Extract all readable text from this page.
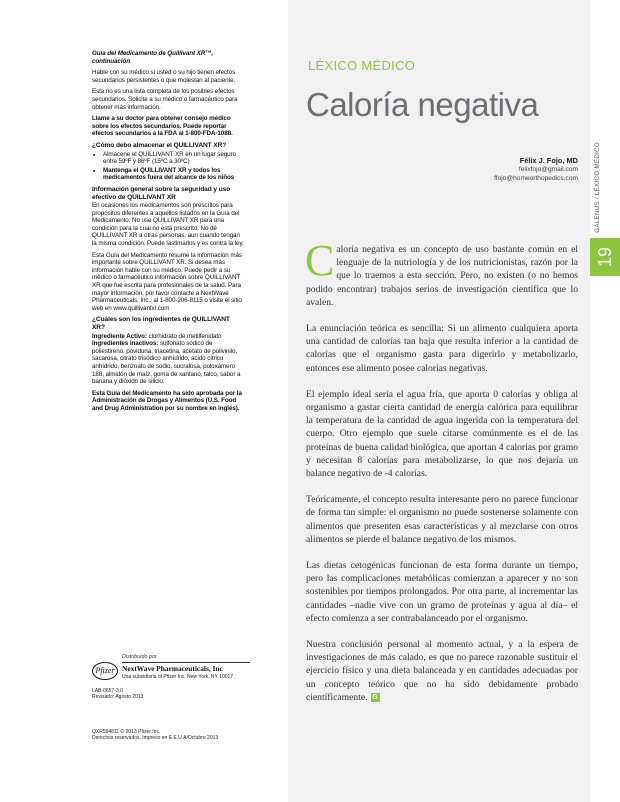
Guía del Medicamento de Quillivant XR™, continuación

Hable con su médico si usted o su hijo tienen efectos secundarios persistentes o que molestan al paciente.

Esta no es una lista completa de los posibles efectos secundarios. Solicite a su médico o farmacéutico para obtener más información.

Llame a su doctor para obtener consejo médico sobre los efectos secundarios. Puede reportar efectos secundarios a la FDA al 1-800-FDA-1088.

¿Cómo debo almacenar el QUILLIVANT XR?
• Almacene el QUILLIVANT XR en un lugar seguro entre 59ºF y 86ºF (15ºC a 30ºC)
• Mantenga el QUILLIVANT XR y todos los medicamentos fuera del alcance de los niños
Información general sobre la seguridad y uso efectivo de QUILLIVANT XR

En ocasiones los medicamentos son prescritos para propósitos diferentes a aquellos listados en la Guía del Medicamento. No use QUILLIVANT XR para una condición para la cual no está prescrito. No dé QUILLIVANT XR a otras personas, aun cuando tengan la misma condición. Puede lastimarlos y es contra la ley.

Esta Guía del Medicamento resume la información más importante sobre QUILLIVANT XR. Si desea más información hable con su médico. Puede pedir a su médico o farmacéutico información sobre QUILLIVANT XR que fue escrita para profesionales de la salud. Para mayor información, por favor contacte a NextWave Pharmaceuticals, Inc., al 1-800-206-8115 o visite el sitio web en www.quillivantxr.com

¿Cuáles son los ingredientes de QUILLIVANT XR?

Ingrediente Activo: clorhidrato de metilfenidato

Ingredientes inactivos: sulfonato sódico de poliestireno, povidona, triacetina, acetato de polivinilo, sacarosa, citrato trisódico anhídrido, acido cítrico anhídrido, benzoato de sodio, sucralosa, poloxámero 188, almidón de maíz, goma de xantano, talco, sabor a banana y dióxido de silicio.

Esta Guía del Medicamento ha sido aprobada por la Administración de Drogas y Alimentos (U.S. Food and Drug Administration por su nombre en inglés).

Pfizer
Distribuido por
NextWave Pharmaceuticals, Inc
Una subsidiaria of Pfizer Inc, New York, NY 10017
LAB-0657-3.0
Revisado: Agosto 2013
QXR594811 © 2013 Pfizer Inc.
Derechos reservados. Impreso en E.E.U.A/Octubre 2013
LÉXICO MÉDICO
Caloría negativa
Félix J. Fojo, MD
felixfojo@gmail.com
ffojo@homeorthopedics.com

Caloría negativa es un concepto de uso bastante común en el lenguaje de la nutriología y de los nutricionistas, razón por la que lo traemos a esta sección. Pero, no existen (o no hemos podido encontrar) trabajos serios de investigación científica que lo avalen.

La enunciación teórica es sencilla: Si un alimento cualquiera aporta una cantidad de calorías tan baja que resulta inferior a la cantidad de calorías que el organismo gasta para digerirlo y metabolizarlo, entonces ese alimento posee calorías negativas.

El ejemplo ideal sería el agua fría, que aporta 0 calorías y obliga al organismo a gastar cierta cantidad de energía calórica para equilibrar la temperatura de la cantidad de agua ingerida con la temperatura del cuerpo. Otro ejemplo que suele citarse comúnmente es el de las proteínas de buena calidad biológica, que aportan 4 calorías por gramo y necesitan 8 calorías para metabolizarse, lo que nos dejaría un balance negativo de -4 calorías.

Teóricamente, el concepto resulta interesante pero no parece funcionar de forma tan simple: el organismo no puede sostenerse solamente con alimentos que presenten esas características y al mezclarse con otros alimentos se pierde el balance negativo de los mismos.

Las dietas cetogénicas funcionan de esta forma durante un tiempo, pero las complicaciones metabólicas comienzan a aparecer y no son sostenibles por tiempos prolongados. Por otra parte, al incrementar las cantidades –nadie vive con un gramo de proteínas y agua al día– el efecto comienza a ser contrabalanceado por el organismo.

Nuestra conclusión personal al momento actual, y a la espera de investigaciones de más calado, es que no parece razonable sustituir el ejercicio físico y una dieta balanceada y en cantidades adecuadas por un concepto teórico que no ha sido debidamente probado científicamente. G

GALENUS / LÉXICO MÉDICO
19
